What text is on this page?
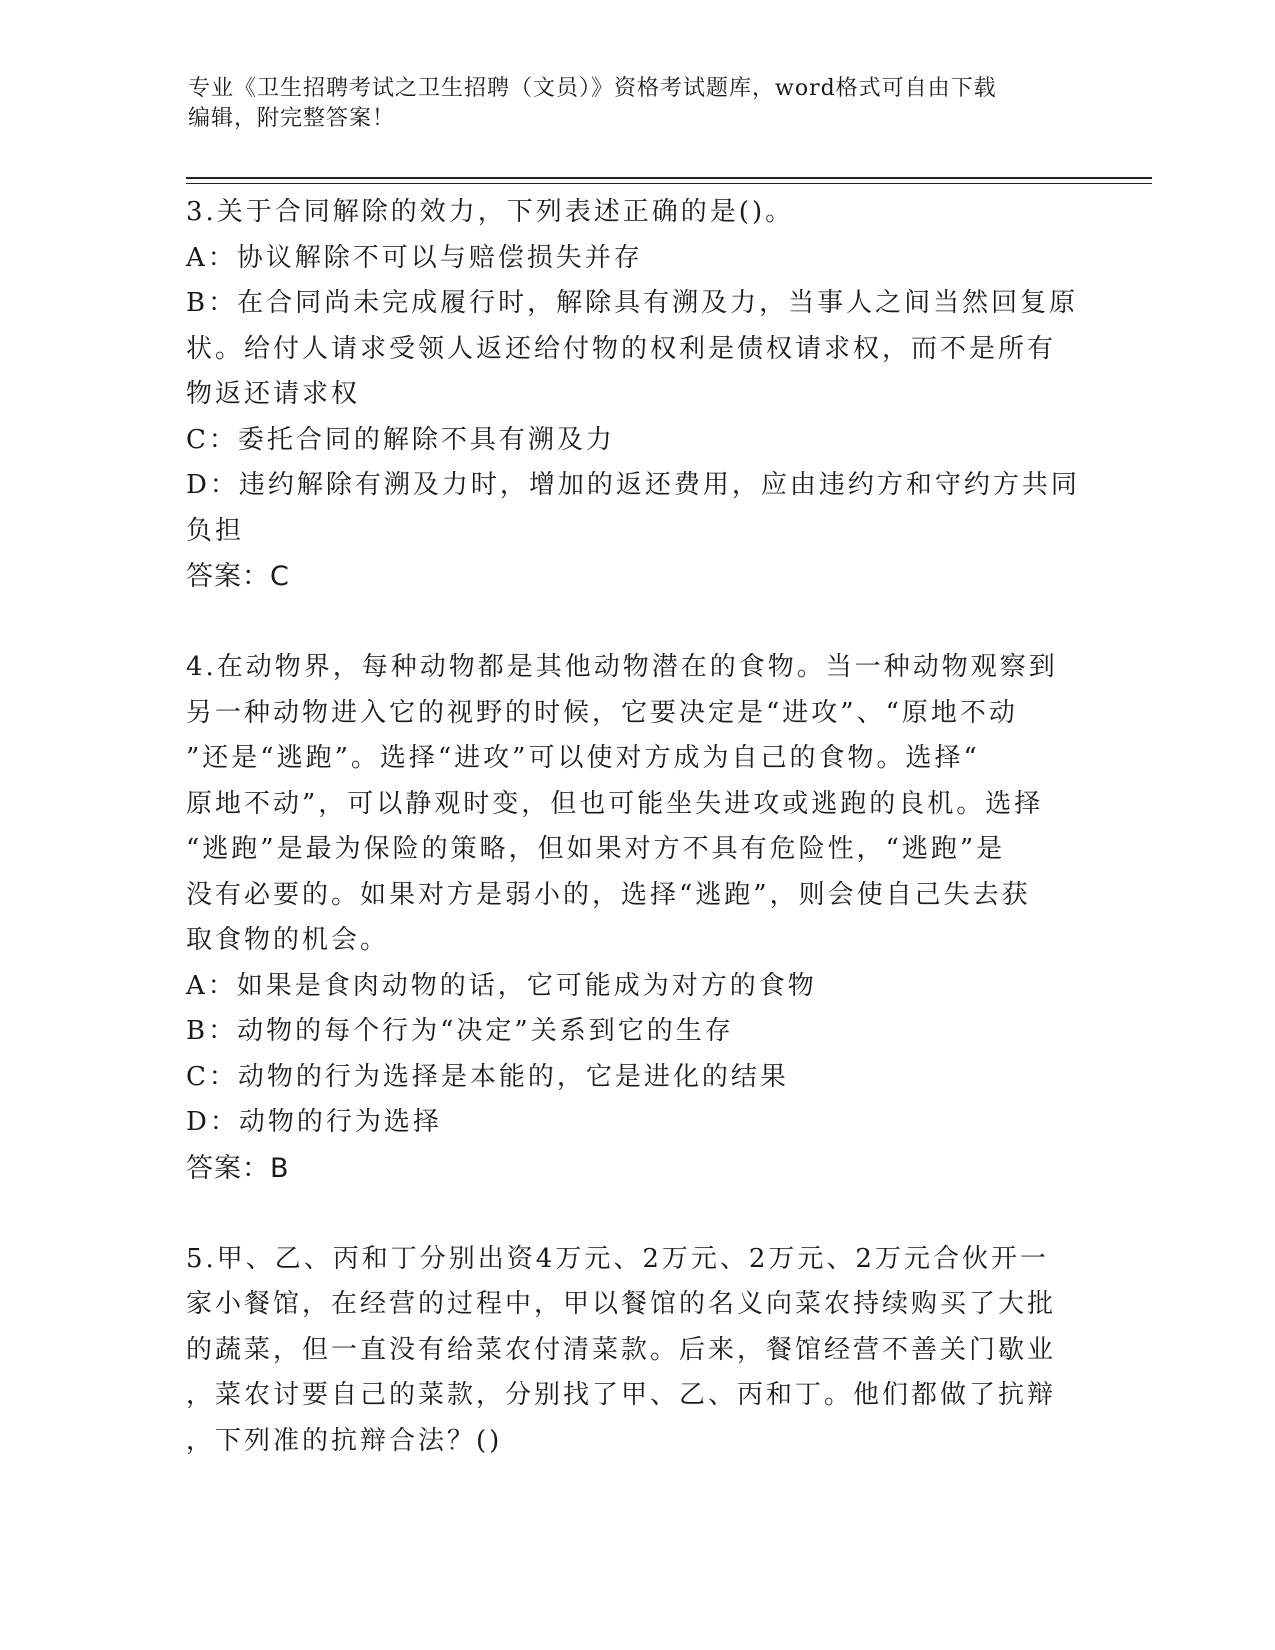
专业《卫生招聘考试之卫生招聘（文员）》资格考试题库，word格式可自由下载
编辑，附完整答案！
3.关于合同解除的效力，下列表述正确的是()。
A：协议解除不可以与赔偿损失并存
B：在合同尚未完成履行时，解除具有溯及力，当事人之间当然回复原
状。给付人请求受领人返还给付物的权利是债权请求权，而不是所有
物返还请求权
C：委托合同的解除不具有溯及力
D：违约解除有溯及力时，增加的返还费用，应由违约方和守约方共同
负担
答案：C
4.在动物界，每种动物都是其他动物潜在的食物。当一种动物观察到
另一种动物进入它的视野的时候，它要决定是“进攻”、“原地不动
”还是“逃跑”。选择“进攻”可以使对方成为自己的食物。选择“
原地不动”，可以静观时变，但也可能坐失进攻或逃跑的良机。选择
“逃跑”是最为保险的策略，但如果对方不具有危险性，“逃跑”是
没有必要的。如果对方是弱小的，选择“逃跑”，则会使自己失去获
取食物的机会。
A：如果是食肉动物的话，它可能成为对方的食物
B：动物的每个行为“决定”关系到它的生存
C：动物的行为选择是本能的，它是进化的结果
D：动物的行为选择
答案：B
5.甲、乙、丙和丁分别出资4万元、2万元、2万元、2万元合伙开一
家小餐馆，在经营的过程中，甲以餐馆的名义向菜农持续购买了大批
的蔬菜，但一直没有给菜农付清菜款。后来，餐馆经营不善关门歇业
，菜农讨要自己的菜款，分别找了甲、乙、丙和丁。他们都做了抗辩
，下列准的抗辩合法？()
